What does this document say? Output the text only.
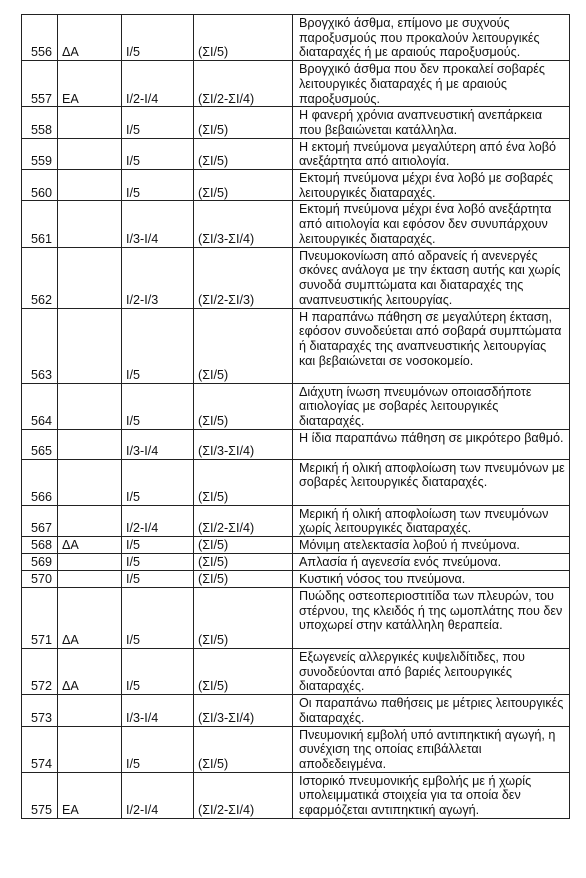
556	ΔΑ	Ι/5	(ΣΙ/5)	Βρογχικό άσθμα, επίμονο με συχνούς παροξυσμούς που προκαλούν λειτουργικές διαταραχές ή με αραιούς παροξυσμούς.
557	ΕΑ	Ι/2-Ι/4	(ΣΙ/2-ΣΙ/4)	Βρογχικό άσθμα που δεν προκαλεί σοβαρές λειτουργικές διαταραχές ή με αραιούς παροξυσμούς.
558		Ι/5	(ΣΙ/5)	Η φανερή χρόνια αναπνευστική ανεπάρκεια που βεβαιώνεται κατάλληλα.
559		Ι/5	(ΣΙ/5)	Η εκτομή πνεύμονα μεγαλύτερη από ένα λοβό ανεξάρτητα από αιτιολογία.
560		Ι/5	(ΣΙ/5)	Εκτομή πνεύμονα μέχρι ένα λοβό με σοβαρές λειτουργικές διαταραχές.
561		Ι/3-Ι/4	(ΣΙ/3-ΣΙ/4)	Εκτομή πνεύμονα μέχρι ένα λοβό ανεξάρτητα από αιτιολογία και εφόσον δεν συνυπάρχουν λειτουργικές διαταραχές.
562		Ι/2-Ι/3	(ΣΙ/2-ΣΙ/3)	Πνευμοκονίωση από αδρανείς ή ανενεργές σκόνες ανάλογα με την έκταση αυτής και χωρίς συνοδά συμπτώματα και διαταραχές της αναπνευστικής λειτουργίας.
563		Ι/5	(ΣΙ/5)	Η παραπάνω πάθηση σε μεγαλύτερη έκταση, εφόσον συνοδεύεται από σοβαρά συμπτώματα ή διαταραχές της αναπνευστικής λειτουργίας και βεβαιώνεται σε νοσοκομείο.
564		Ι/5	(ΣΙ/5)	Διάχυτη ίνωση πνευμόνων οποιασδήποτε αιτιολογίας με σοβαρές λειτουργικές διαταραχές.
565		Ι/3-Ι/4	(ΣΙ/3-ΣΙ/4)	Η ίδια παραπάνω πάθηση σε μικρότερο βαθμό.
566		Ι/5	(ΣΙ/5)	Μερική ή ολική αποφλοίωση των πνευμόνων με σοβαρές λειτουργικές διαταραχές.
567		Ι/2-Ι/4	(ΣΙ/2-ΣΙ/4)	Μερική ή ολική αποφλοίωση των πνευμόνων χωρίς λειτουργικές διαταραχές.
568	ΔΑ	Ι/5	(ΣΙ/5)	Μόνιμη ατελεκτασία λοβού ή πνεύμονα.
569		Ι/5	(ΣΙ/5)	Απλασία ή αγενεσία ενός πνεύμονα.
570		Ι/5	(ΣΙ/5)	Κυστική νόσος του πνεύμονα.
571	ΔΑ	Ι/5	(ΣΙ/5)	Πυώδης οστεοπεριοστιτίδα των πλευρών, του στέρνου, της κλειδός ή της ωμοπλάτης που δεν υποχωρεί στην κατάλληλη θεραπεία.
572	ΔΑ	Ι/5	(ΣΙ/5)	Εξωγενείς αλλεργικές κυψελιδίτιδες, που συνοδεύονται από βαριές λειτουργικές διαταραχές.
573		Ι/3-Ι/4	(ΣΙ/3-ΣΙ/4)	Οι παραπάνω παθήσεις με μέτριες λειτουργικές διαταραχές.
574		Ι/5	(ΣΙ/5)	Πνευμονική εμβολή υπό αντιπηκτική αγωγή, η συνέχιση της οποίας επιβάλλεται αποδεδειγμένα.
575	ΕΑ	Ι/2-Ι/4	(ΣΙ/2-ΣΙ/4)	Ιστορικό πνευμονικής εμβολής με ή χωρίς υπολειμματικά στοιχεία για τα οποία δεν εφαρμόζεται αντιπηκτική αγωγή.
